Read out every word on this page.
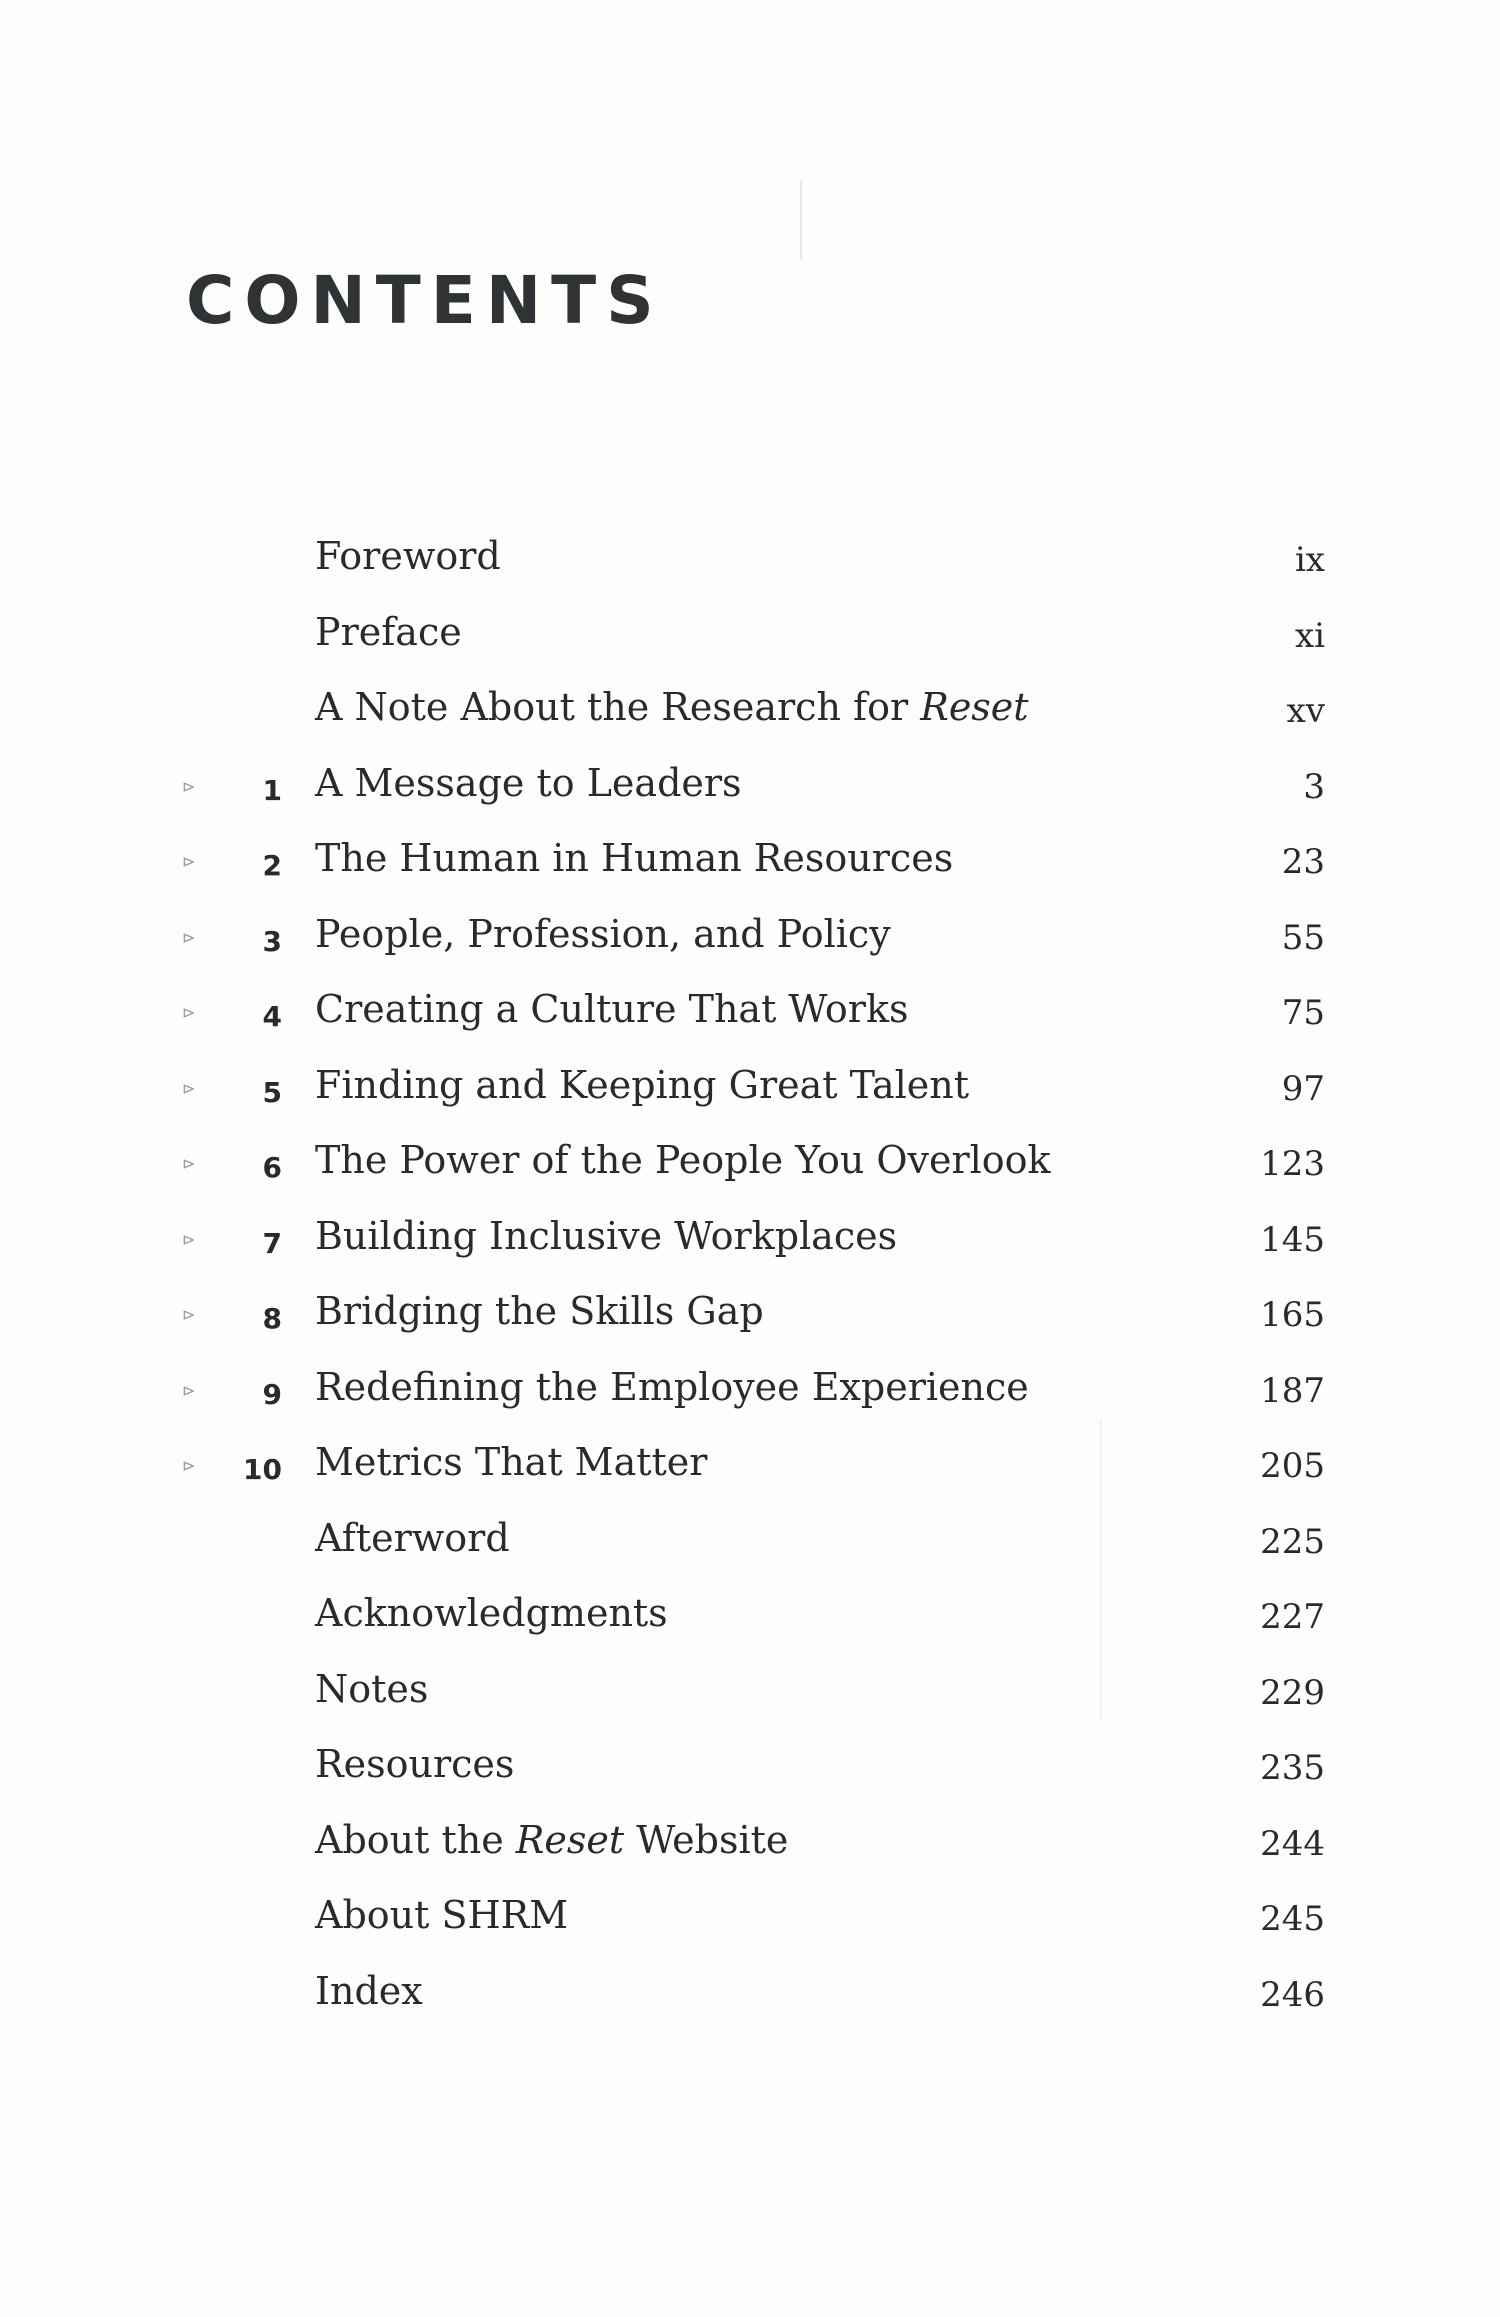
CONTENTS
Foreword	ix
Preface	xi
A Note About the Research for Reset	xv
⊳ 1 A Message to Leaders	3
⊳ 2 The Human in Human Resources	23
⊳ 3 People, Profession, and Policy	55
⊳ 4 Creating a Culture That Works	75
⊳ 5 Finding and Keeping Great Talent	97
⊳ 6 The Power of the People You Overlook	123
⊳ 7 Building Inclusive Workplaces	145
⊳ 8 Bridging the Skills Gap	165
⊳ 9 Redefining the Employee Experience	187
⊳ 10 Metrics That Matter	205
Afterword	225
Acknowledgments	227
Notes	229
Resources	235
About the Reset Website	244
About SHRM	245
Index	246
